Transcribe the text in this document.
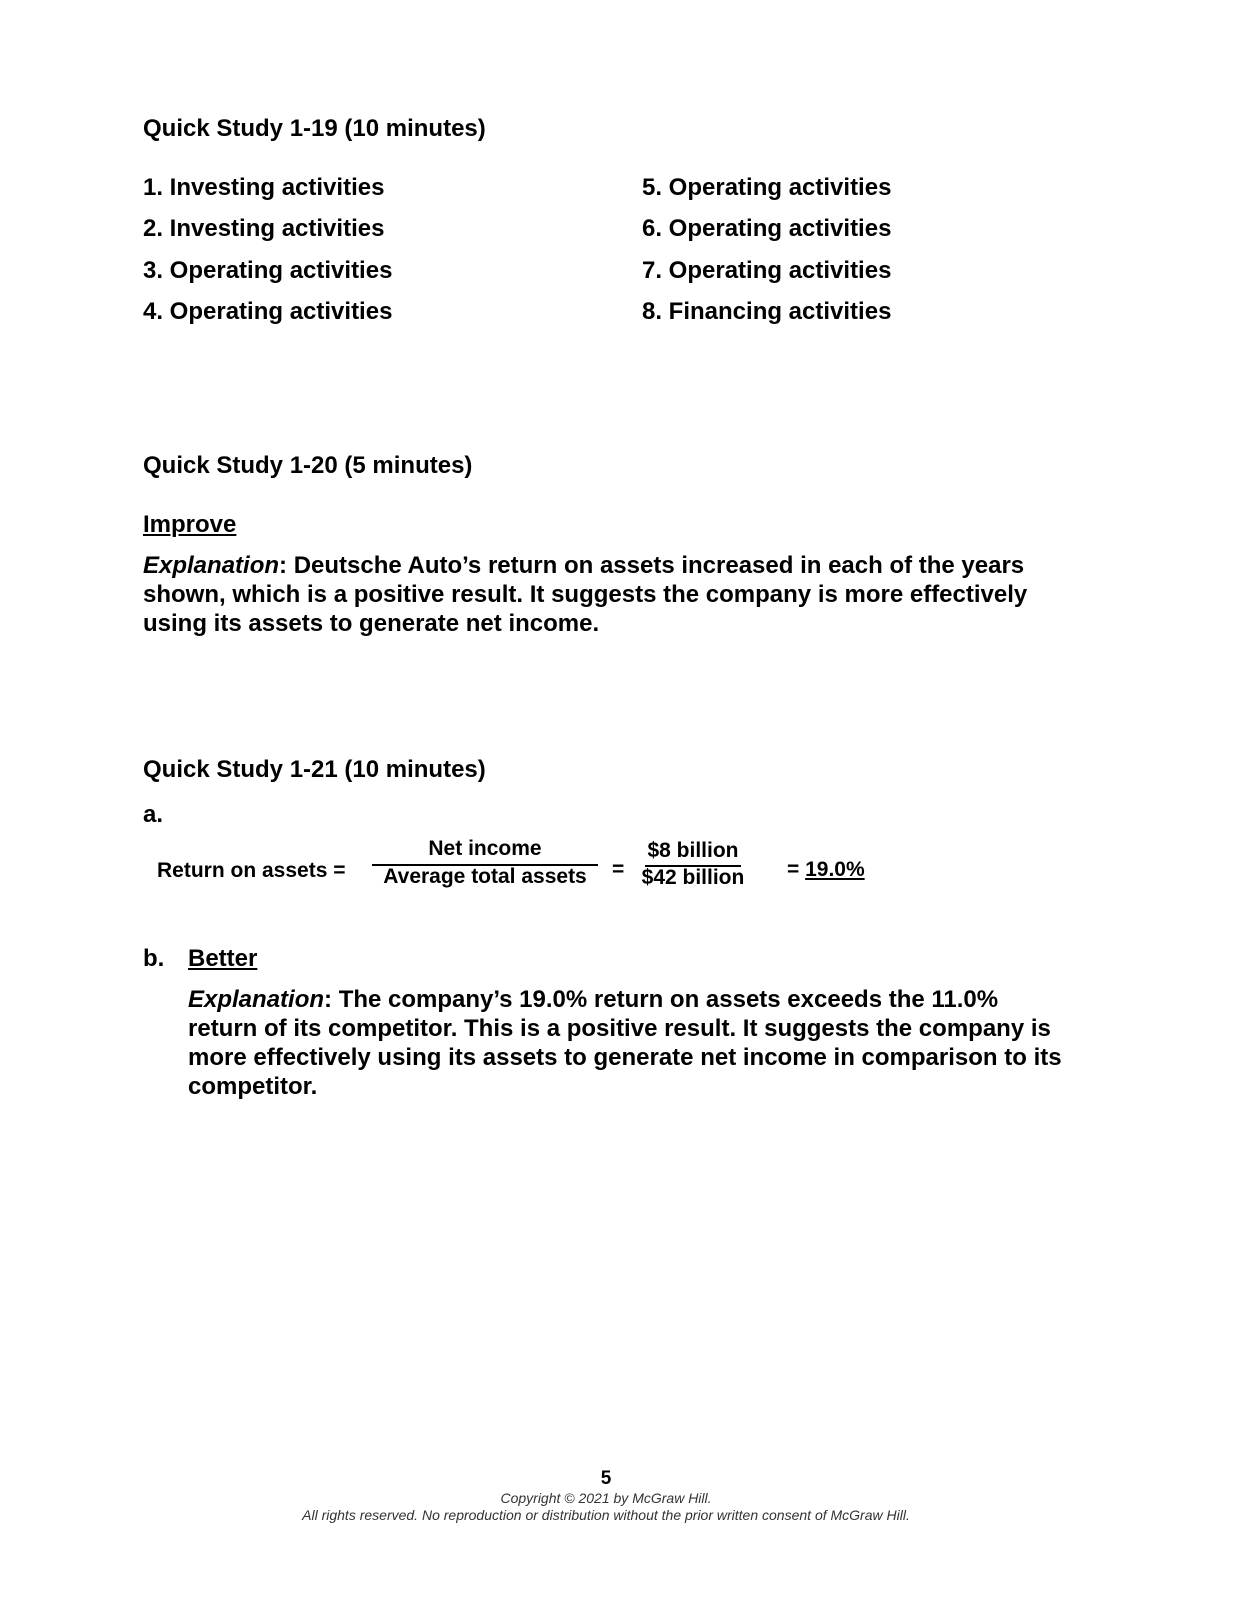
Quick Study 1-19 (10 minutes)
1. Investing activities
2. Investing activities
3. Operating activities
4. Operating activities
5. Operating activities
6. Operating activities
7. Operating activities
8. Financing activities
Quick Study 1-20 (5 minutes)
Improve
Explanation: Deutsche Auto’s return on assets increased in each of the years shown, which is a positive result. It suggests the company is more effectively using its assets to generate net income.
Quick Study 1-21 (10 minutes)
a.
Return on assets =
Net income
Average total assets	=
$8 billion
$42 billion	= 19.0%
b. Better
Explanation: The company’s 19.0% return on assets exceeds the 11.0% return of its competitor. This is a positive result. It suggests the company is more effectively using its assets to generate net income in comparison to its competitor.
5
Copyright © 2021 by McGraw Hill.
All rights reserved. No reproduction or distribution without the prior written consent of McGraw Hill.
